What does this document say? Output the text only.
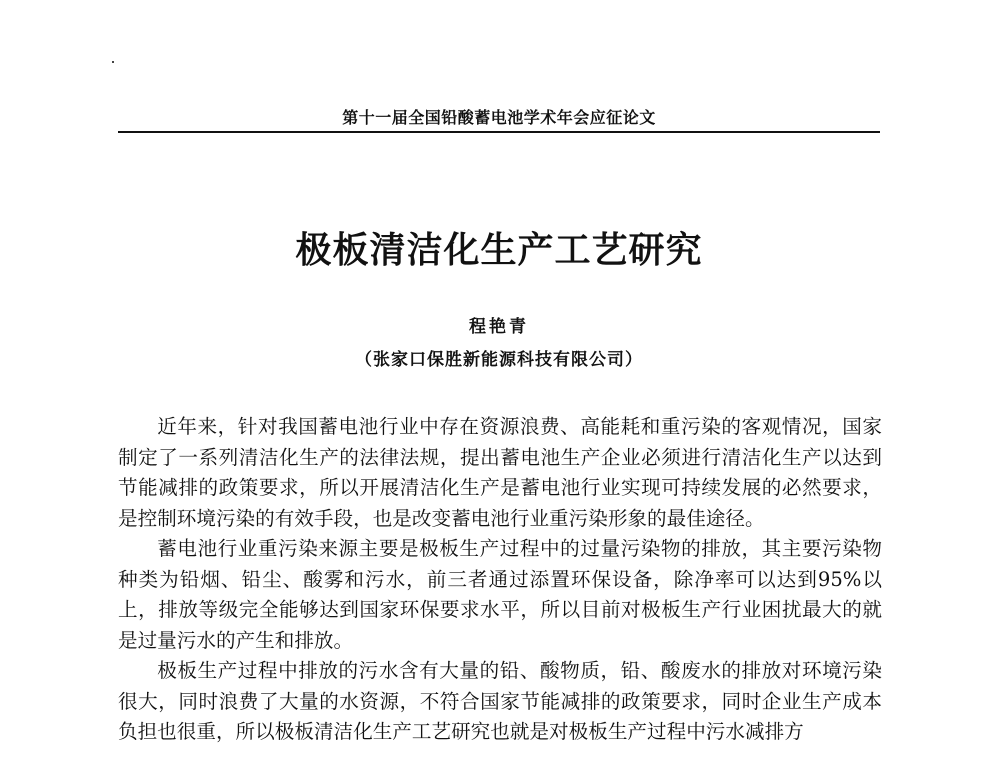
第十一届全国铅酸蓄电池学术年会应征论文
极板清洁化生产工艺研究
程艳青
（张家口保胜新能源科技有限公司）

近年来，针对我国蓄电池行业中存在资源浪费、高能耗和重污染的客观情况，国家制定了一系列清洁化生产的法律法规，提出蓄电池生产企业必须进行清洁化生产以达到节能减排的政策要求，所以开展清洁化生产是蓄电池行业实现可持续发展的必然要求，是控制环境污染的有效手段，也是改变蓄电池行业重污染形象的最佳途径。

蓄电池行业重污染来源主要是极板生产过程中的过量污染物的排放，其主要污染物种类为铅烟、铅尘、酸雾和污水，前三者通过添置环保设备，除净率可以达到95%以上，排放等级完全能够达到国家环保要求水平，所以目前对极板生产行业困扰最大的就是过量污水的产生和排放。

极板生产过程中排放的污水含有大量的铅、酸物质，铅、酸废水的排放对环境污染很大，同时浪费了大量的水资源，不符合国家节能减排的政策要求，同时企业生产成本负担也很重，所以极板清洁化生产工艺研究也就是对极板生产过程中污水减排方
